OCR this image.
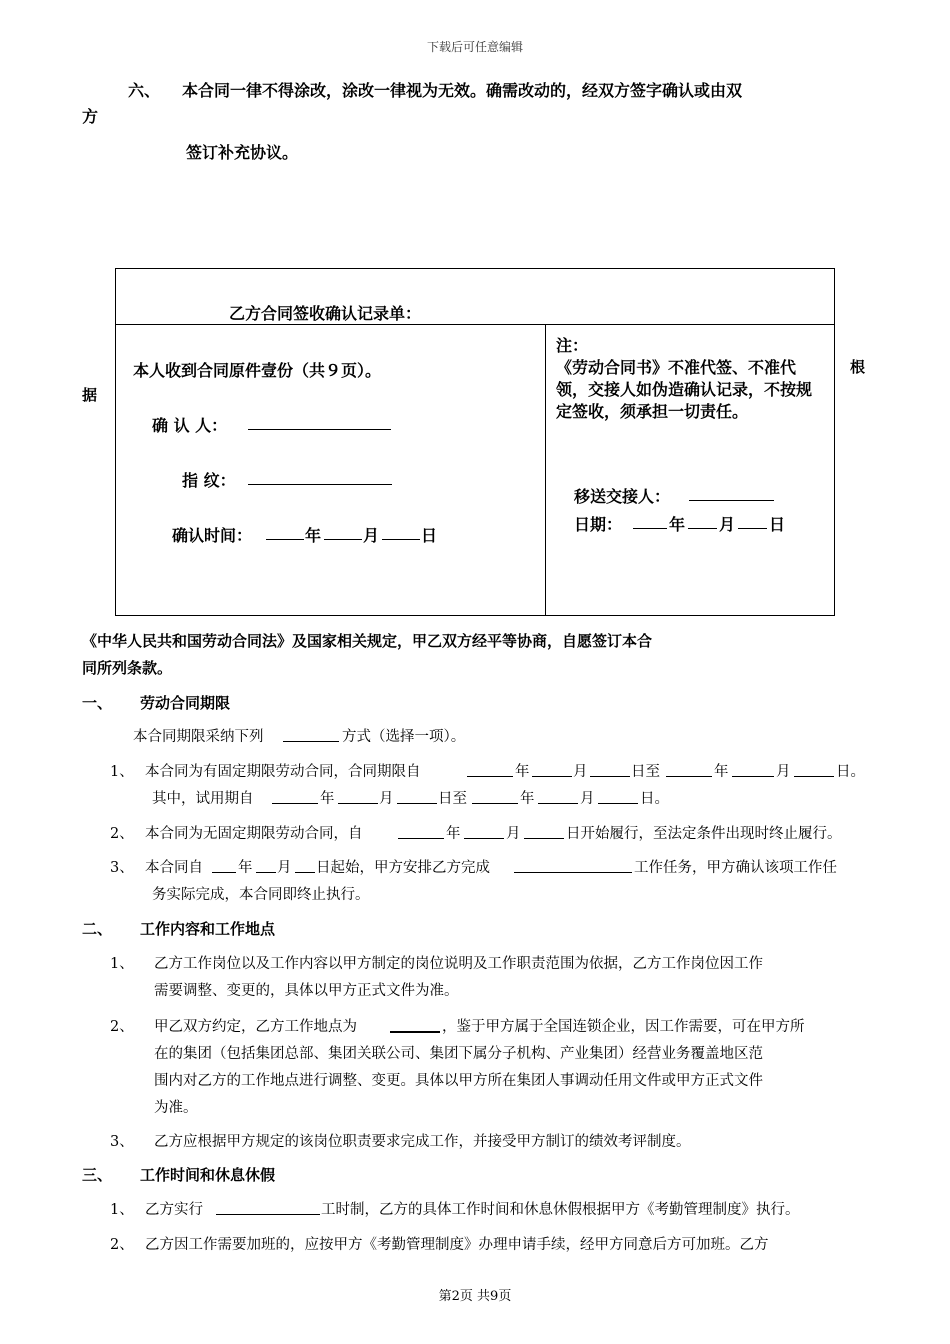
下载后可任意编辑
六、 本合同一律不得涂改，涂改一律视为无效。确需改动的，经双方签字确认或由双
方
签订补充协议。
乙方合同签收确认记录单：
本人收到合同原件壹份（共９页）。
确 认 人：
指 纹：
确认时间：	年	月	日
注：
《劳动合同书》不准代签、不准代领，交接人如伪造确认记录，不按规定签收，须承担一切责任。
移送交接人：
日期：	年 月 日
据
根
《中华人民共和国劳动合同法》及国家相关规定，甲乙双方经平等协商，自愿签订本合
同所列条款。
一、 劳动合同期限
本合同期限采纳下列	方式（选择一项）。
1、 本合同为有固定期限劳动合同，合同期限自	年	月	日至	年	月	日。
其中，试用期自	年	月	日至	年	月	日。
2、 本合同为无固定期限劳动合同，自	年	月	日开始履行，至法定条件出现时终止履行。
3、 本合同自 年 月 日起始，甲方安排乙方完成	工作任务，甲方确认该项工作任
务实际完成，本合同即终止执行。
二、 工作内容和工作地点
1、 乙方工作岗位以及工作内容以甲方制定的岗位说明及工作职责范围为依据，乙方工作岗位因工作
需要调整、变更的，具体以甲方正式文件为准。
2、 甲乙双方约定，乙方工作地点为	，鉴于甲方属于全国连锁企业，因工作需要，可在甲方所
在的集团（包括集团总部、集团关联公司、集团下属分子机构、产业集团）经营业务覆盖地区范
围内对乙方的工作地点进行调整、变更。具体以甲方所在集团人事调动任用文件或甲方正式文件
为准。
3、 乙方应根据甲方规定的该岗位职责要求完成工作，并接受甲方制订的绩效考评制度。
三、 工作时间和休息休假
1、 乙方实行	工时制，乙方的具体工作时间和休息休假根据甲方《考勤管理制度》执行。
2、 乙方因工作需要加班的，应按甲方《考勤管理制度》办理申请手续，经甲方同意后方可加班。乙方
第2页 共9页
